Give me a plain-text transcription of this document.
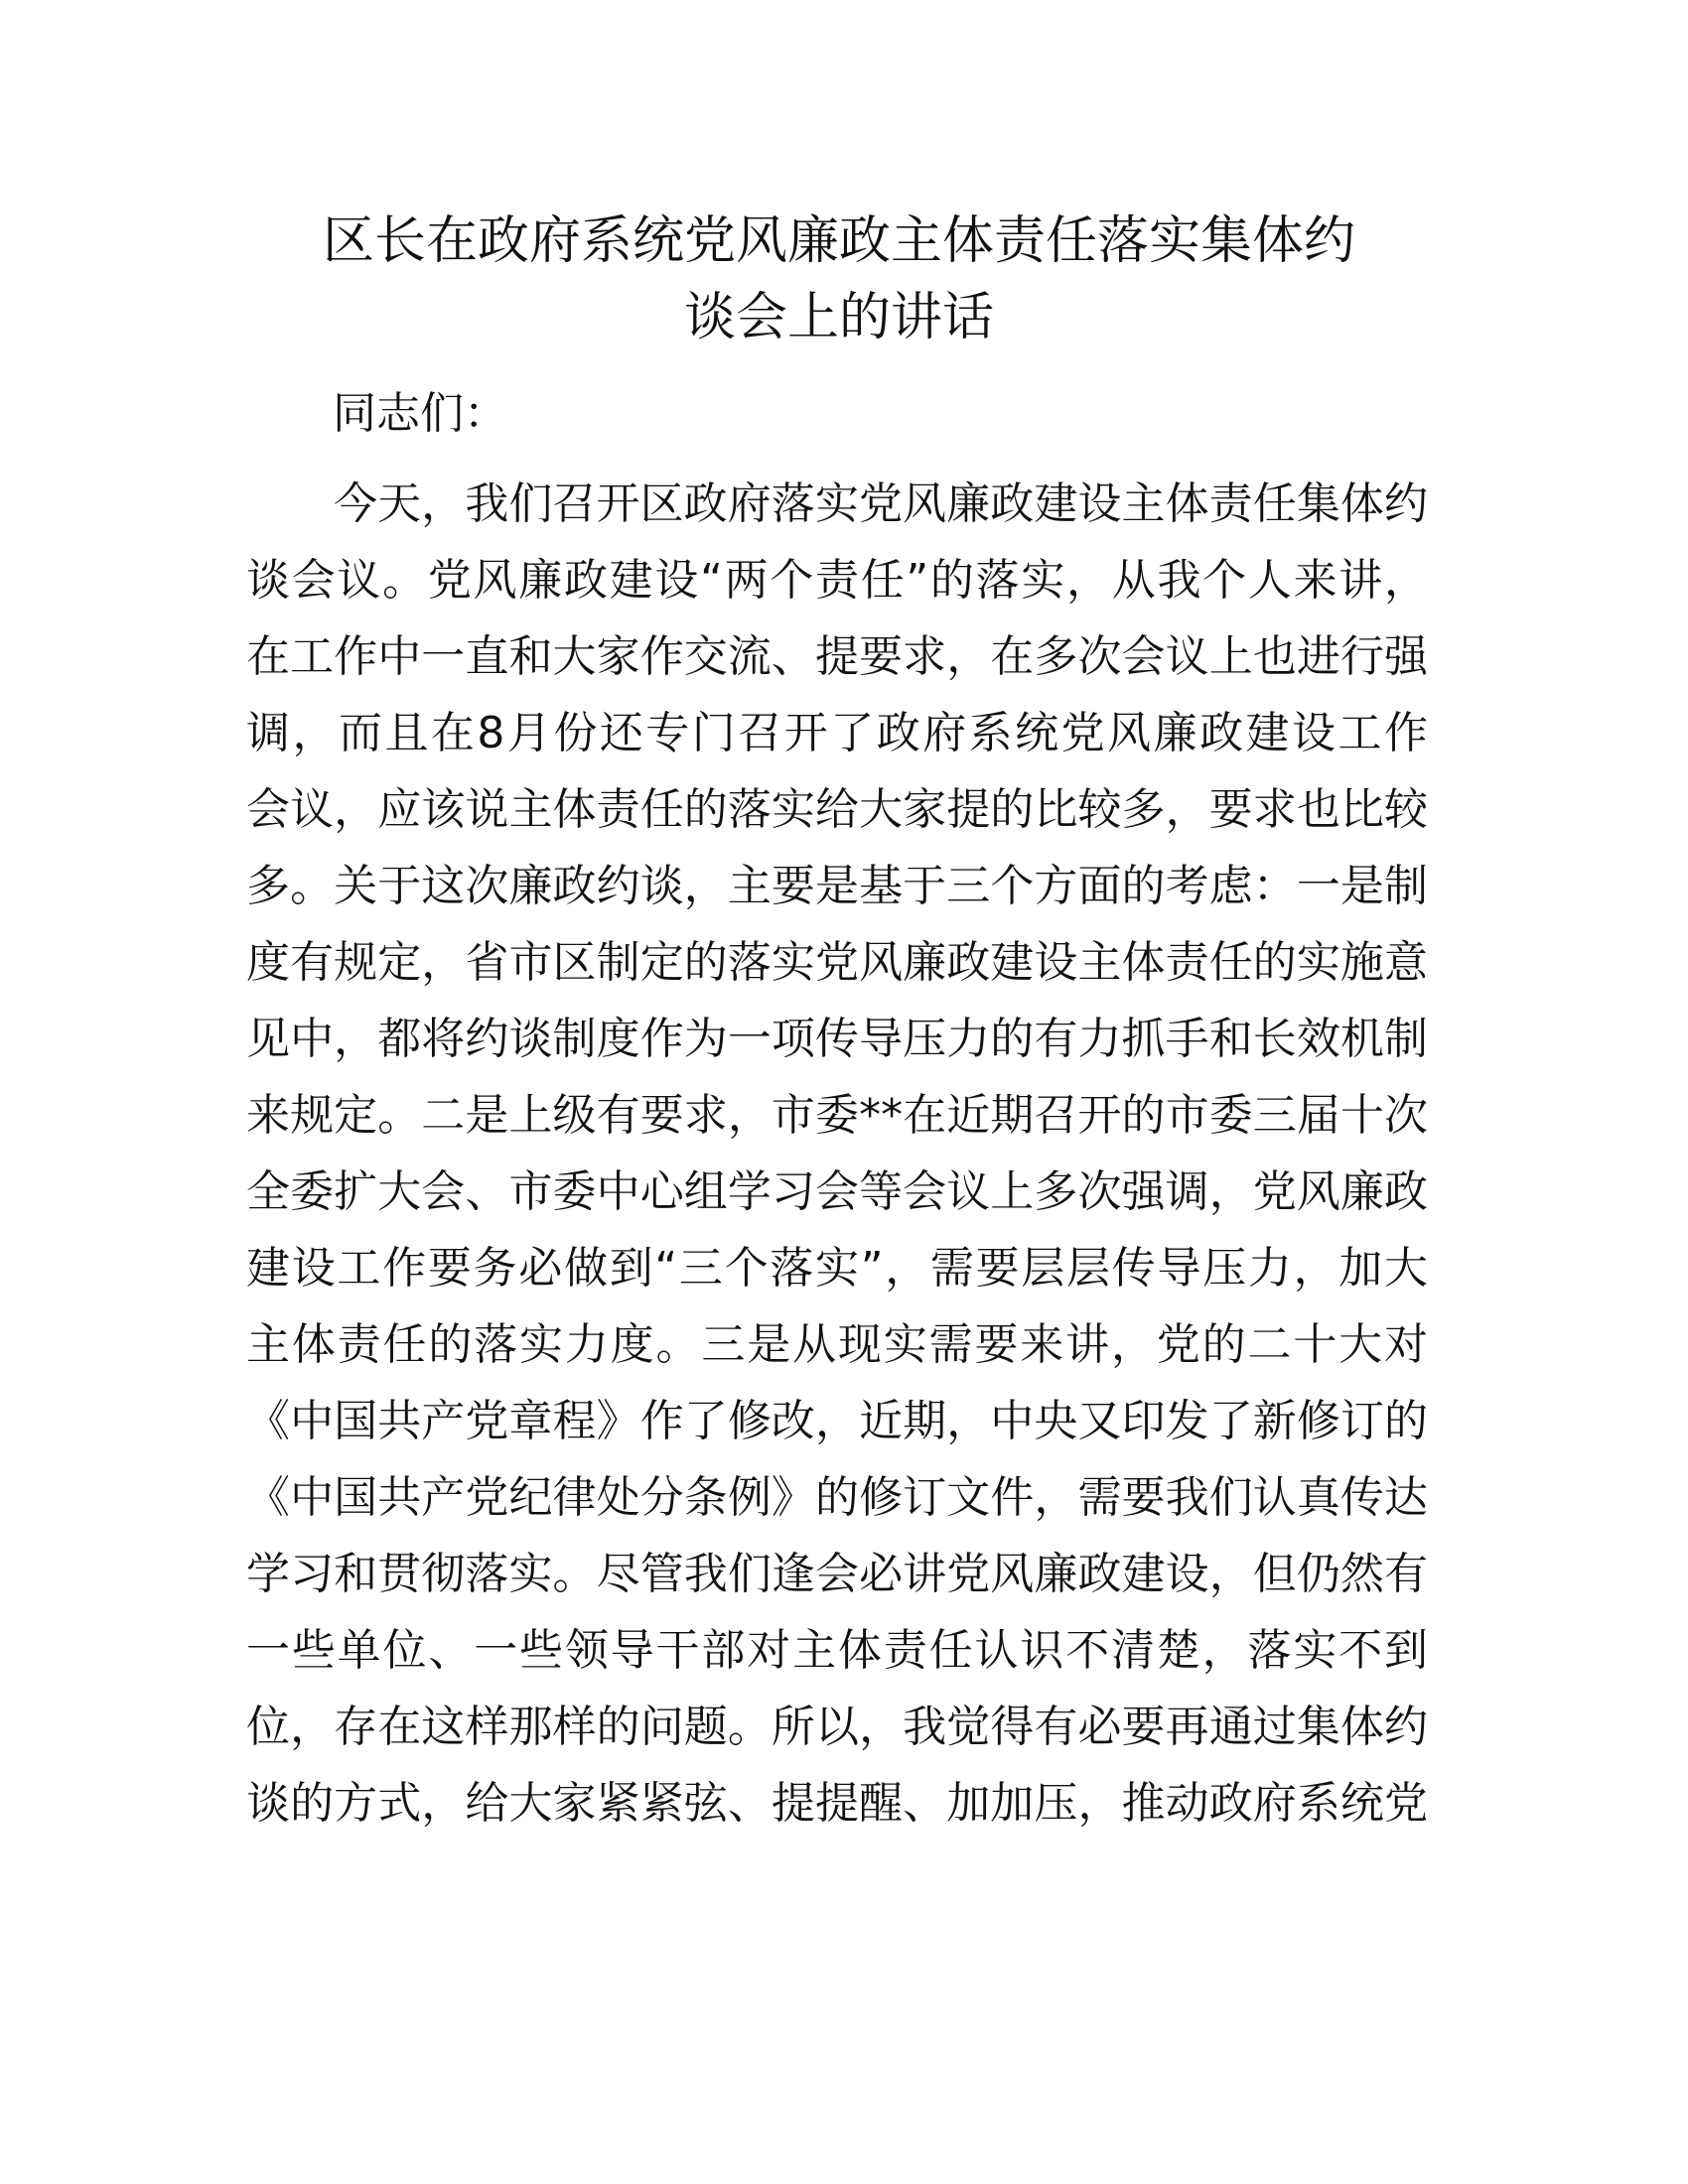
区长在政府系统党风廉政主体责任落实集体约
谈会上的讲话
同志们：
今天，我们召开区政府落实党风廉政建设主体责任集体约
谈会议。党风廉政建设“两个责任”的落实，从我个人来讲，
在工作中一直和大家作交流、提要求，在多次会议上也进行强
调，而且在8月份还专门召开了政府系统党风廉政建设工作
会议，应该说主体责任的落实给大家提的比较多，要求也比较
多。关于这次廉政约谈，主要是基于三个方面的考虑：一是制
度有规定，省市区制定的落实党风廉政建设主体责任的实施意
见中，都将约谈制度作为一项传导压力的有力抓手和长效机制
来规定。二是上级有要求，市委**在近期召开的市委三届十次
全委扩大会、市委中心组学习会等会议上多次强调，党风廉政
建设工作要务必做到“三个落实”，需要层层传导压力，加大
主体责任的落实力度。三是从现实需要来讲，党的二十大对
《中国共产党章程》作了修改，近期，中央又印发了新修订的
《中国共产党纪律处分条例》的修订文件，需要我们认真传达
学习和贯彻落实。尽管我们逢会必讲党风廉政建设，但仍然有
一些单位、一些领导干部对主体责任认识不清楚，落实不到
位，存在这样那样的问题。所以，我觉得有必要再通过集体约
谈的方式，给大家紧紧弦、提提醒、加加压，推动政府系统党
